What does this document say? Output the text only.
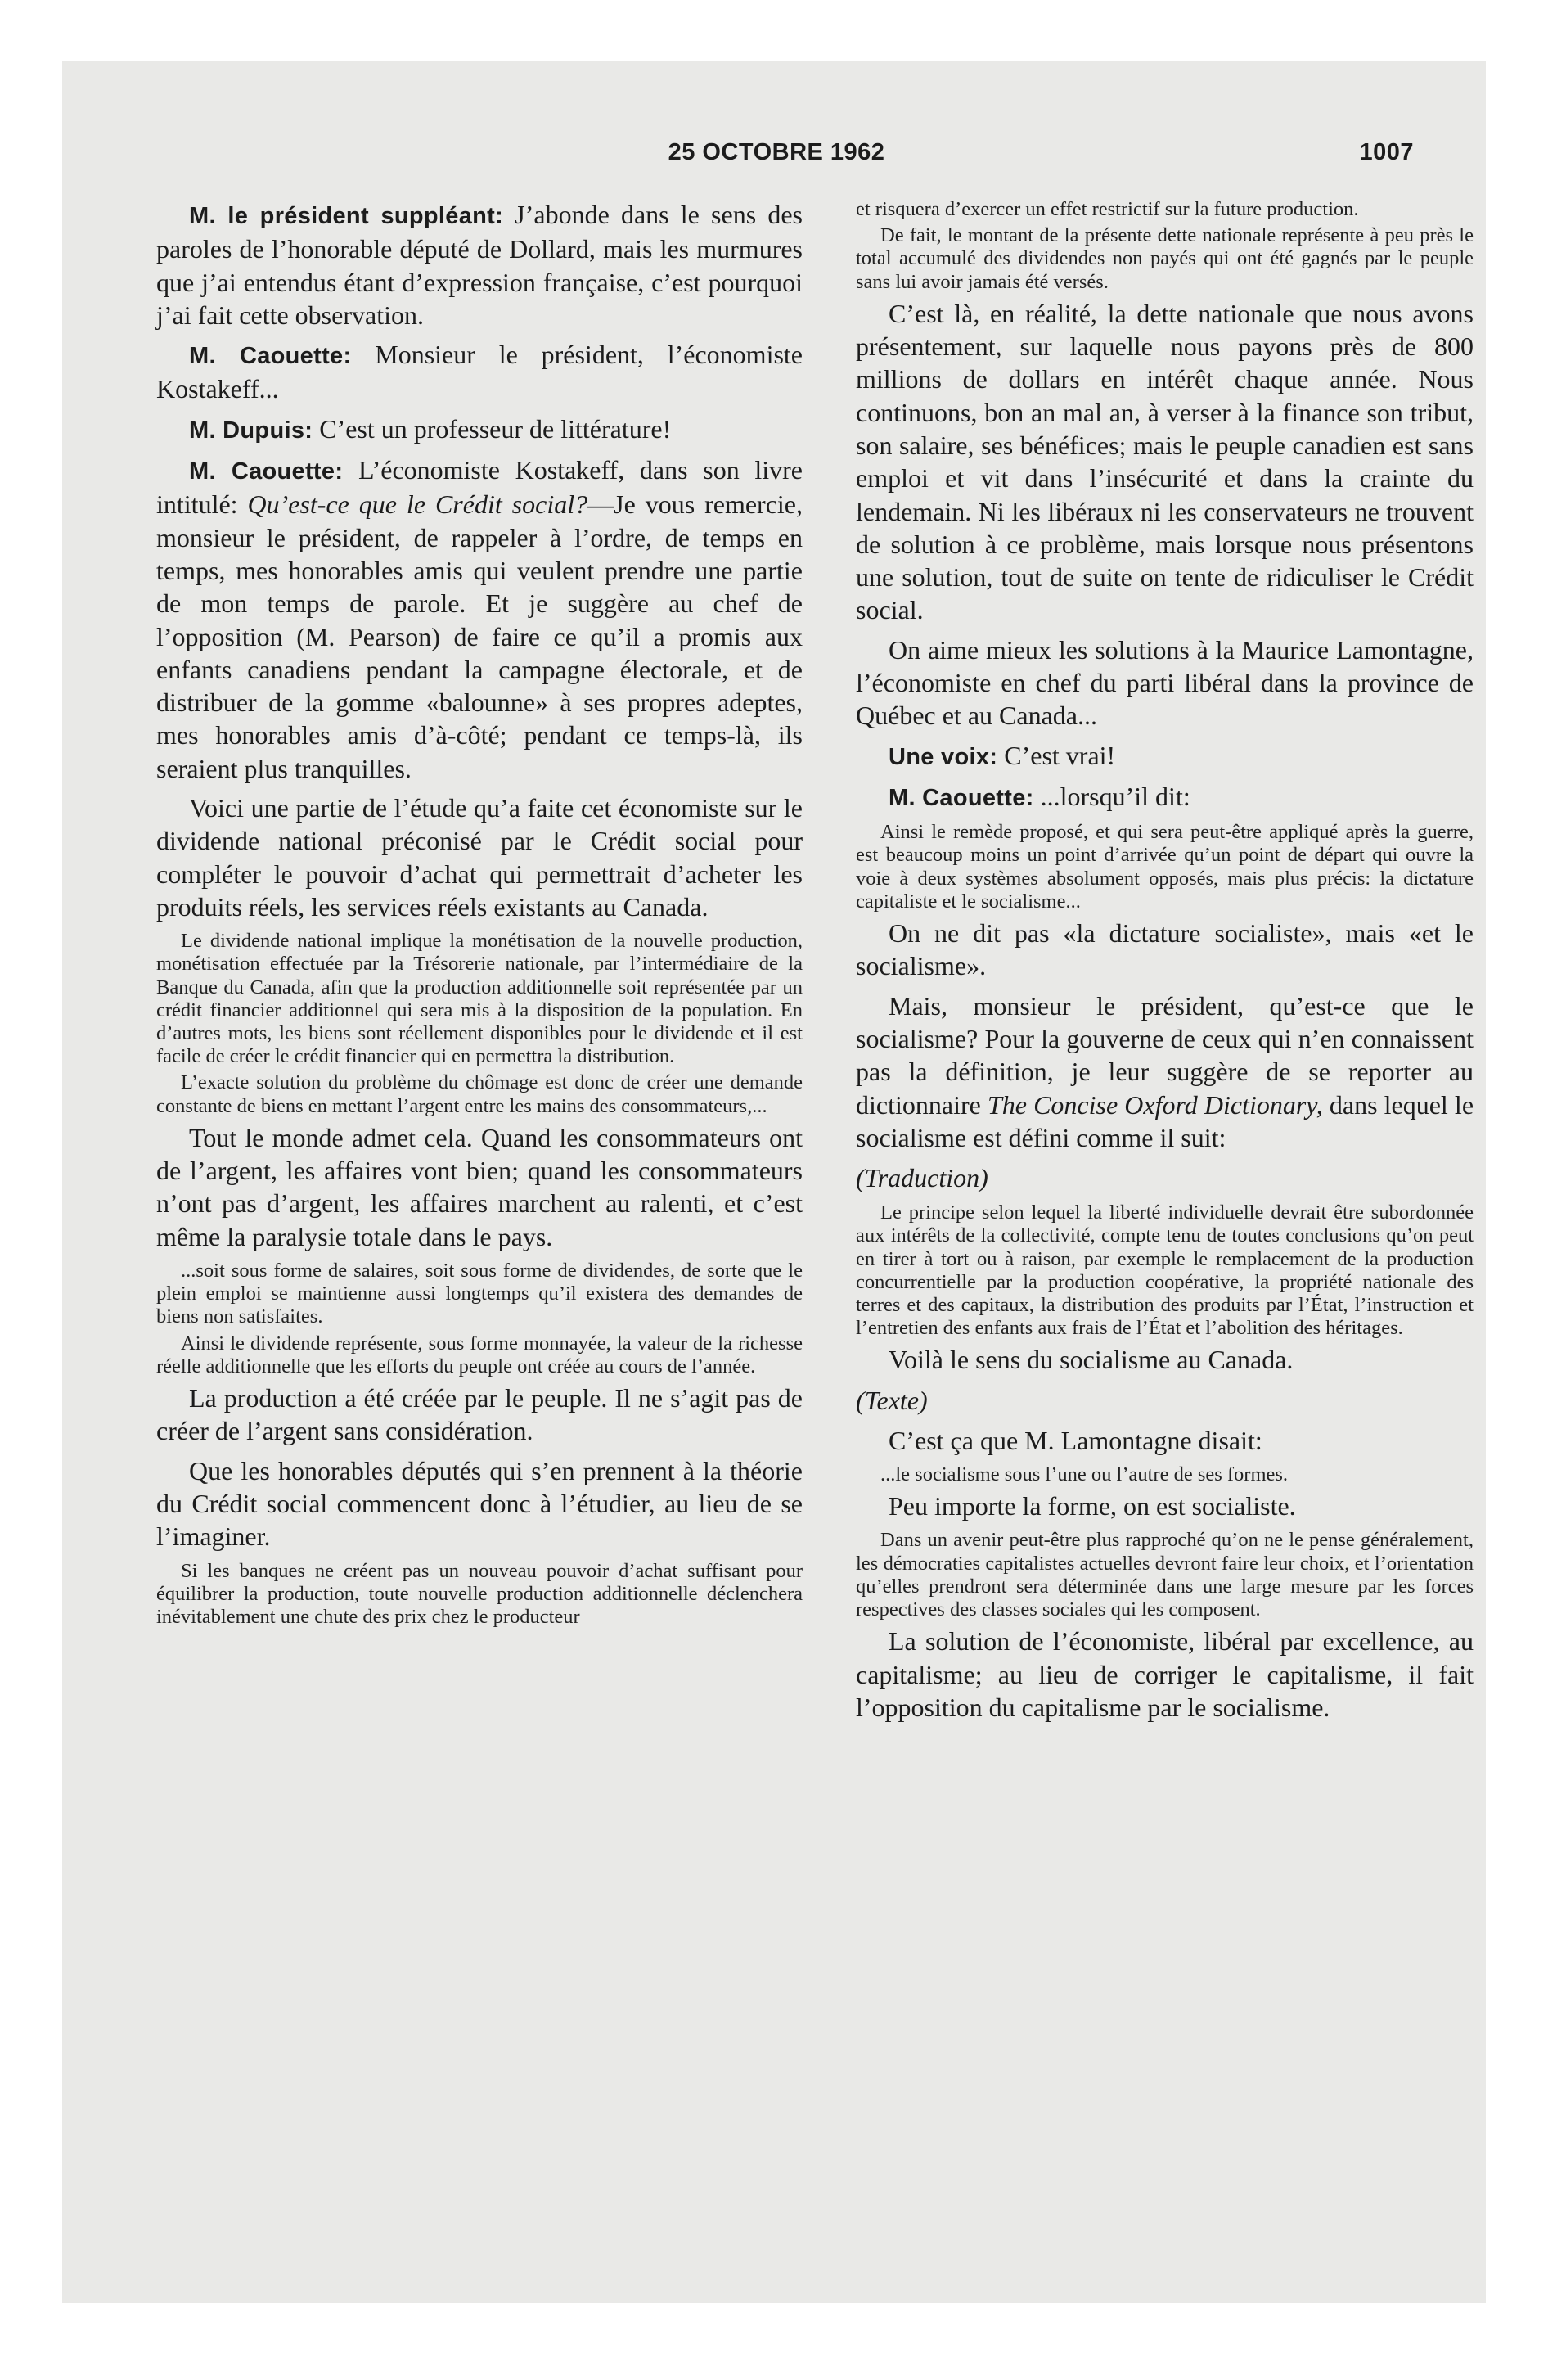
25 OCTOBRE 1962	1007

M. le président suppléant: J’abonde dans le sens des paroles de l’honorable député de Dollard, mais les murmures que j’ai entendus étant d’expression française, c’est pourquoi j’ai fait cette observation.

M. Caouette: Monsieur le président, l’économiste Kostakeff...

M. Dupuis: C’est un professeur de littérature!

M. Caouette: L’économiste Kostakeff, dans son livre intitulé: Qu’est-ce que le Crédit social?—Je vous remercie, monsieur le président, de rappeler à l’ordre, de temps en temps, mes honorables amis qui veulent prendre une partie de mon temps de parole. Et je suggère au chef de l’opposition (M. Pearson) de faire ce qu’il a promis aux enfants canadiens pendant la campagne électorale, et de distribuer de la gomme «balounne» à ses propres adeptes, mes honorables amis d’à-côté; pendant ce temps-là, ils seraient plus tranquilles.

Voici une partie de l’étude qu’a faite cet économiste sur le dividende national préconisé par le Crédit social pour compléter le pouvoir d’achat qui permettrait d’acheter les produits réels, les services réels existants au Canada.

Le dividende national implique la monétisation de la nouvelle production, monétisation effectuée par la Trésorerie nationale, par l’intermédiaire de la Banque du Canada, afin que la production additionnelle soit représentée par un crédit financier additionnel qui sera mis à la disposition de la population. En d’autres mots, les biens sont réellement disponibles pour le dividende et il est facile de créer le crédit financier qui en permettra la distribution.

L’exacte solution du problème du chômage est donc de créer une demande constante de biens en mettant l’argent entre les mains des consommateurs,...

Tout le monde admet cela. Quand les consommateurs ont de l’argent, les affaires vont bien; quand les consommateurs n’ont pas d’argent, les affaires marchent au ralenti, et c’est même la paralysie totale dans le pays.

...soit sous forme de salaires, soit sous forme de dividendes, de sorte que le plein emploi se maintienne aussi longtemps qu’il existera des demandes de biens non satisfaites.

Ainsi le dividende représente, sous forme monnayée, la valeur de la richesse réelle additionnelle que les efforts du peuple ont créée au cours de l’année.

La production a été créée par le peuple. Il ne s’agit pas de créer de l’argent sans considération.

Que les honorables députés qui s’en prennent à la théorie du Crédit social commencent donc à l’étudier, au lieu de se l’imaginer.

Si les banques ne créent pas un nouveau pouvoir d’achat suffisant pour équilibrer la production, toute nouvelle production additionnelle déclenchera inévitablement une chute des prix chez le producteur

et risquera d’exercer un effet restrictif sur la future production.

De fait, le montant de la présente dette nationale représente à peu près le total accumulé des dividendes non payés qui ont été gagnés par le peuple sans lui avoir jamais été versés.

C’est là, en réalité, la dette nationale que nous avons présentement, sur laquelle nous payons près de 800 millions de dollars en intérêt chaque année. Nous continuons, bon an mal an, à verser à la finance son tribut, son salaire, ses bénéfices; mais le peuple canadien est sans emploi et vit dans l’insécurité et dans la crainte du lendemain. Ni les libéraux ni les conservateurs ne trouvent de solution à ce problème, mais lorsque nous présentons une solution, tout de suite on tente de ridiculiser le Crédit social.

On aime mieux les solutions à la Maurice Lamontagne, l’économiste en chef du parti libéral dans la province de Québec et au Canada...

Une voix: C’est vrai!

M. Caouette: ...lorsqu’il dit:

Ainsi le remède proposé, et qui sera peut-être appliqué après la guerre, est beaucoup moins un point d’arrivée qu’un point de départ qui ouvre la voie à deux systèmes absolument opposés, mais plus précis: la dictature capitaliste et le socialisme...

On ne dit pas «la dictature socialiste», mais «et le socialisme».

Mais, monsieur le président, qu’est-ce que le socialisme? Pour la gouverne de ceux qui n’en connaissent pas la définition, je leur suggère de se reporter au dictionnaire The Concise Oxford Dictionary, dans lequel le socialisme est défini comme il suit:

(Traduction)

Le principe selon lequel la liberté individuelle devrait être subordonnée aux intérêts de la collectivité, compte tenu de toutes conclusions qu’on peut en tirer à tort ou à raison, par exemple le remplacement de la production concurrentielle par la production coopérative, la propriété nationale des terres et des capitaux, la distribution des produits par l’État, l’instruction et l’entretien des enfants aux frais de l’État et l’abolition des héritages.

Voilà le sens du socialisme au Canada.

(Texte)

C’est ça que M. Lamontagne disait:

...le socialisme sous l’une ou l’autre de ses formes.

Peu importe la forme, on est socialiste.

Dans un avenir peut-être plus rapproché qu’on ne le pense généralement, les démocraties capitalistes actuelles devront faire leur choix, et l’orientation qu’elles prendront sera déterminée dans une large mesure par les forces respectives des classes sociales qui les composent.

La solution de l’économiste, libéral par excellence, au capitalisme; au lieu de corriger le capitalisme, il fait l’opposition du capitalisme par le socialisme.
